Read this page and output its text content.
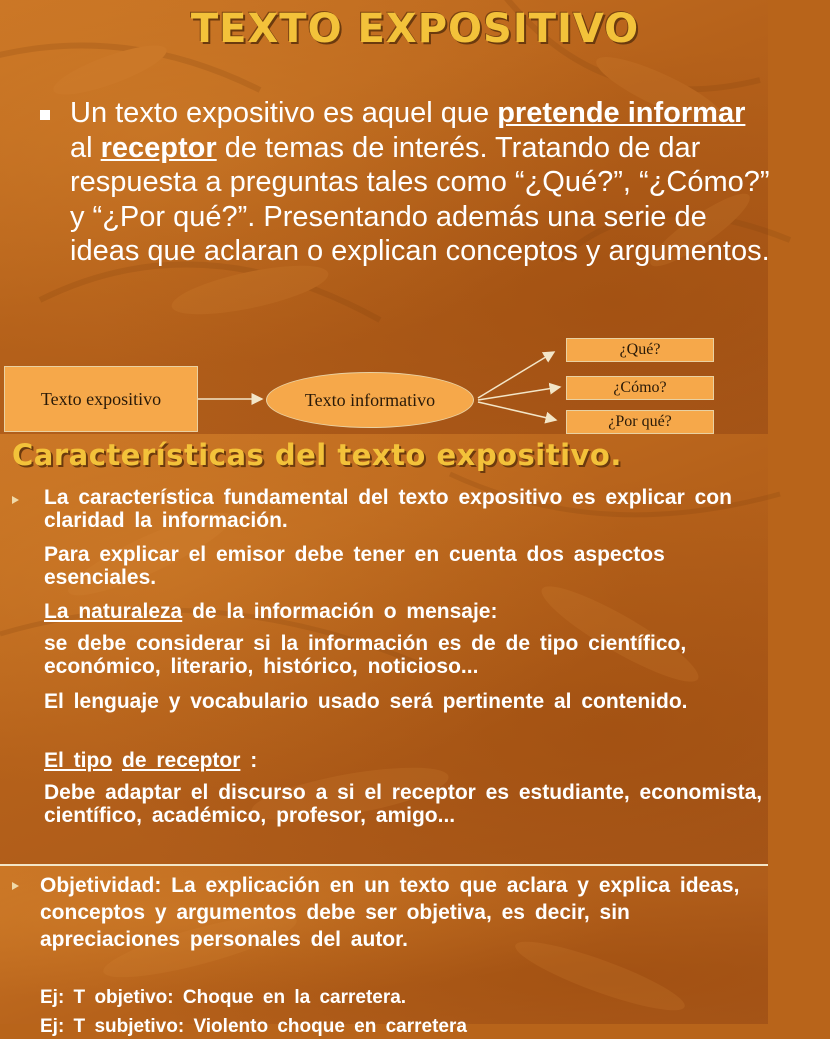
TEXTO EXPOSITIVO
Un texto expositivo es aquel que pretende informar al receptor de temas de interés. Tratando de dar respuesta a preguntas tales como “¿Qué?”, “¿Cómo?” y “¿Por qué?”. Presentando además una serie de ideas que aclaran o explican conceptos y argumentos.
Texto expositivo	Texto informativo
¿Qué?
¿Cómo?
¿Por qué?
Características del texto expositivo.
La característica fundamental del texto expositivo es explicar con claridad la información.
Para explicar el emisor debe tener en cuenta dos aspectos esenciales.
La naturaleza de la información o mensaje:
se debe considerar si la información es de de tipo científico, económico, literario, histórico, noticioso...
El lenguaje y vocabulario usado será pertinente al contenido.
El tipo de receptor :
Debe adaptar el discurso a si el receptor es estudiante, economista, científico, académico, profesor, amigo...
Objetividad: La explicación en un texto que aclara y explica ideas, conceptos y argumentos debe ser objetiva, es decir, sin apreciaciones personales del autor.
Ej: T objetivo: Choque en la carretera.
Ej: T subjetivo: Violento choque en carretera
